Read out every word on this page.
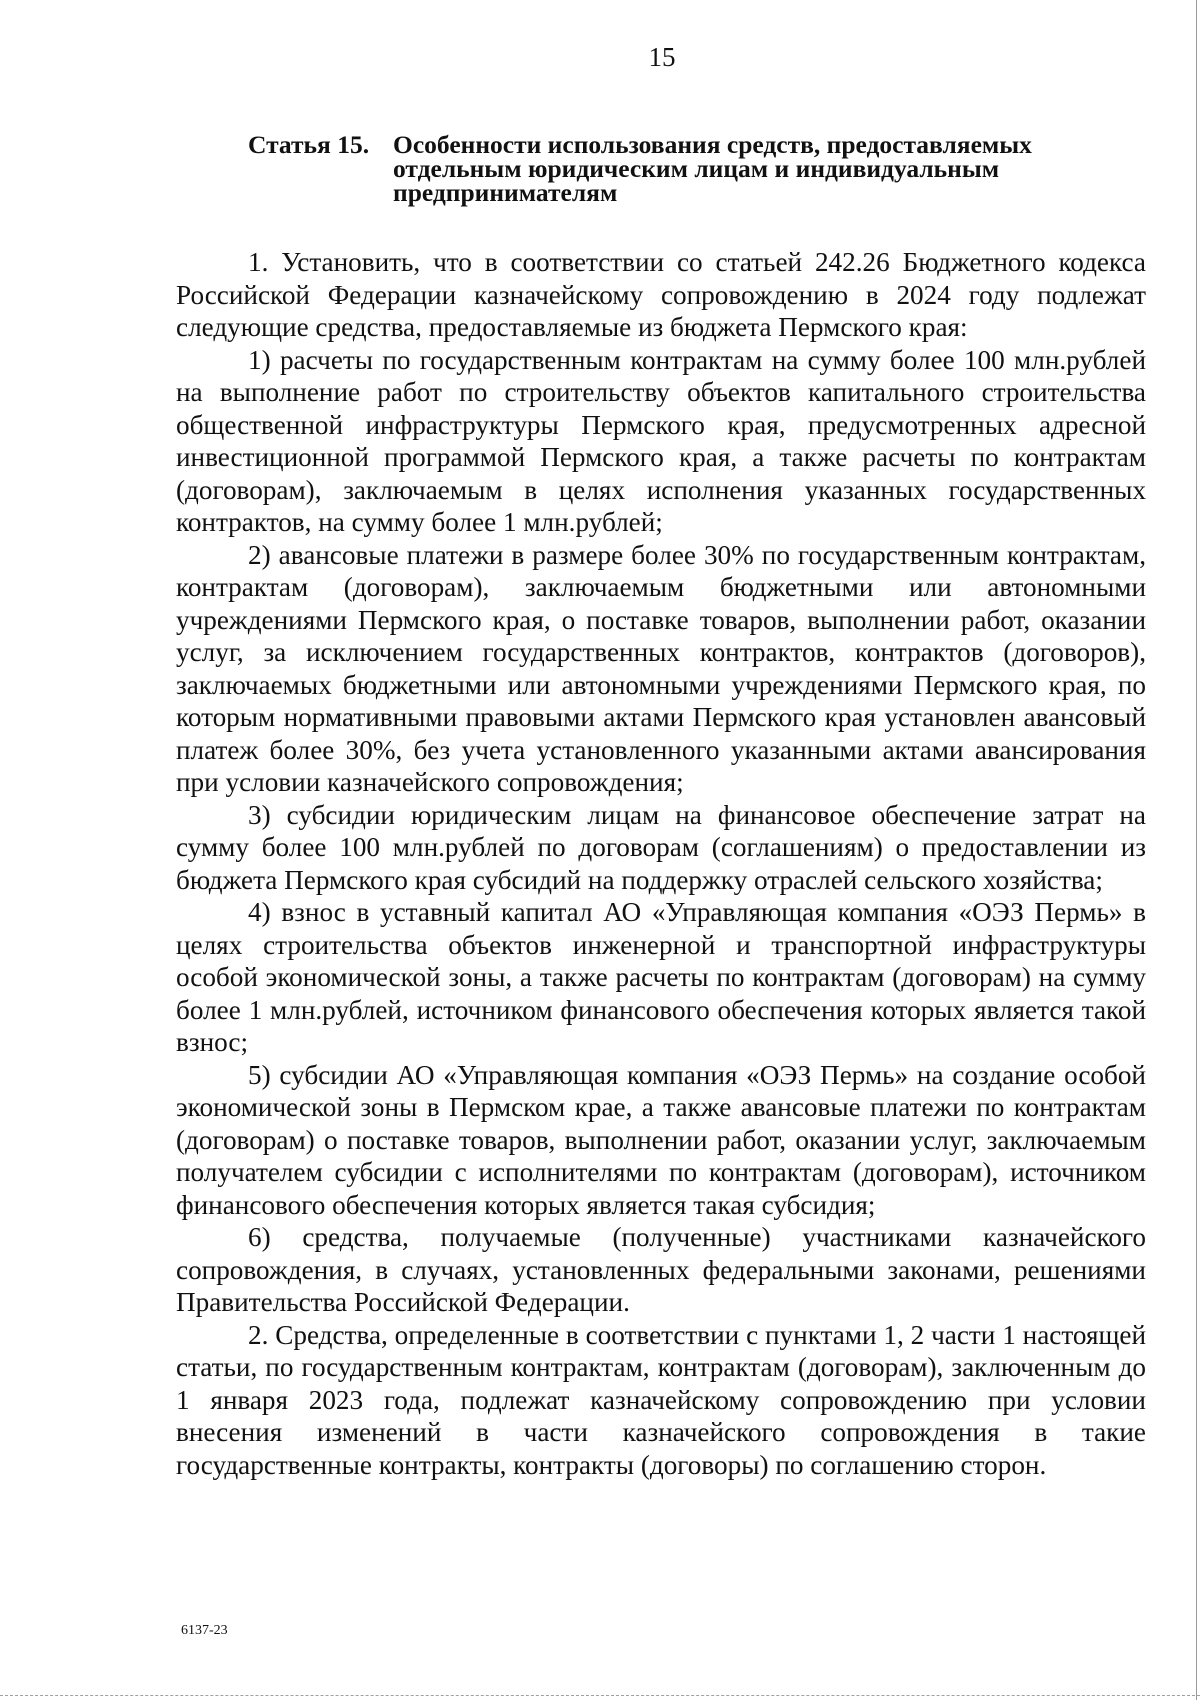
15
Статья 15. Особенности использования средств, предоставляемых отдельным юридическим лицам и индивидуальным предпринимателям

1. Установить, что в соответствии со статьей 242.26 Бюджетного кодекса Российской Федерации казначейскому сопровождению в 2024 году подлежат следующие средства, предоставляемые из бюджета Пермского края:

1) расчеты по государственным контрактам на сумму более 100 млн.рублей на выполнение работ по строительству объектов капитального строительства общественной инфраструктуры Пермского края, предусмотренных адресной инвестиционной программой Пермского края, а также расчеты по контрактам (договорам), заключаемым в целях исполнения указанных государственных контрактов, на сумму более 1 млн.рублей;

2) авансовые платежи в размере более 30% по государственным контрактам, контрактам (договорам), заключаемым бюджетными или автономными учреждениями Пермского края, о поставке товаров, выполнении работ, оказании услуг, за исключением государственных контрактов, контрактов (договоров), заключаемых бюджетными или автономными учреждениями Пермского края, по которым нормативными правовыми актами Пермского края установлен авансовый платеж более 30%, без учета установленного указанными актами авансирования при условии казначейского сопровождения;

3) субсидии юридическим лицам на финансовое обеспечение затрат на сумму более 100 млн.рублей по договорам (соглашениям) о предоставлении из бюджета Пермского края субсидий на поддержку отраслей сельского хозяйства;

4) взнос в уставный капитал АО «Управляющая компания «ОЭЗ Пермь» в целях строительства объектов инженерной и транспортной инфраструктуры особой экономической зоны, а также расчеты по контрактам (договорам) на сумму более 1 млн.рублей, источником финансового обеспечения которых является такой взнос;

5) субсидии АО «Управляющая компания «ОЭЗ Пермь» на создание особой экономической зоны в Пермском крае, а также авансовые платежи по контрактам (договорам) о поставке товаров, выполнении работ, оказании услуг, заключаемым получателем субсидии с исполнителями по контрактам (договорам), источником финансового обеспечения которых является такая субсидия;

6) средства, получаемые (полученные) участниками казначейского сопровождения, в случаях, установленных федеральными законами, решениями Правительства Российской Федерации.

2. Средства, определенные в соответствии с пунктами 1, 2 части 1 настоящей статьи, по государственным контрактам, контрактам (договорам), заключенным до 1 января 2023 года, подлежат казначейскому сопровождению при условии внесения изменений в части казначейского сопровождения в такие государственные контракты, контракты (договоры) по соглашению сторон.

6137-23
